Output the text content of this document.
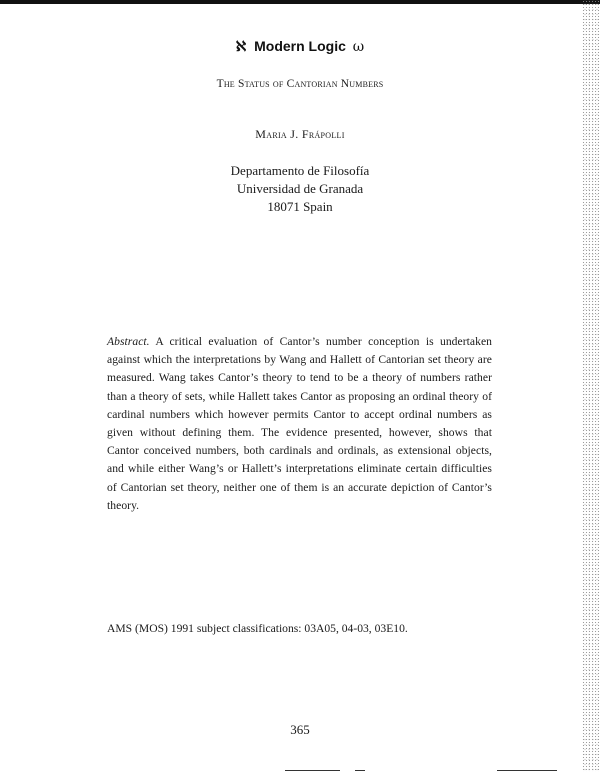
ℵ Modern Logic ω
The Status of Cantorian Numbers
Maria J. Frápolli
Departamento de Filosofía
Universidad de Granada
18071 Spain
Abstract. A critical evaluation of Cantor’s number conception is undertaken against which the interpretations by Wang and Hallett of Cantorian set theory are measured. Wang takes Cantor’s theory to tend to be a theory of numbers rather than a theory of sets, while Hallett takes Cantor as proposing an ordinal theory of cardinal numbers which however permits Cantor to accept ordinal numbers as given without defining them. The evidence presented, however, shows that Cantor conceived numbers, both cardinals and ordinals, as extensional objects, and while either Wang’s or Hallett’s interpretations eliminate certain difficulties of Cantorian set theory, neither one of them is an accurate depiction of Cantor’s theory.
AMS (MOS) 1991 subject classifications: 03A05, 04-03, 03E10.
365
